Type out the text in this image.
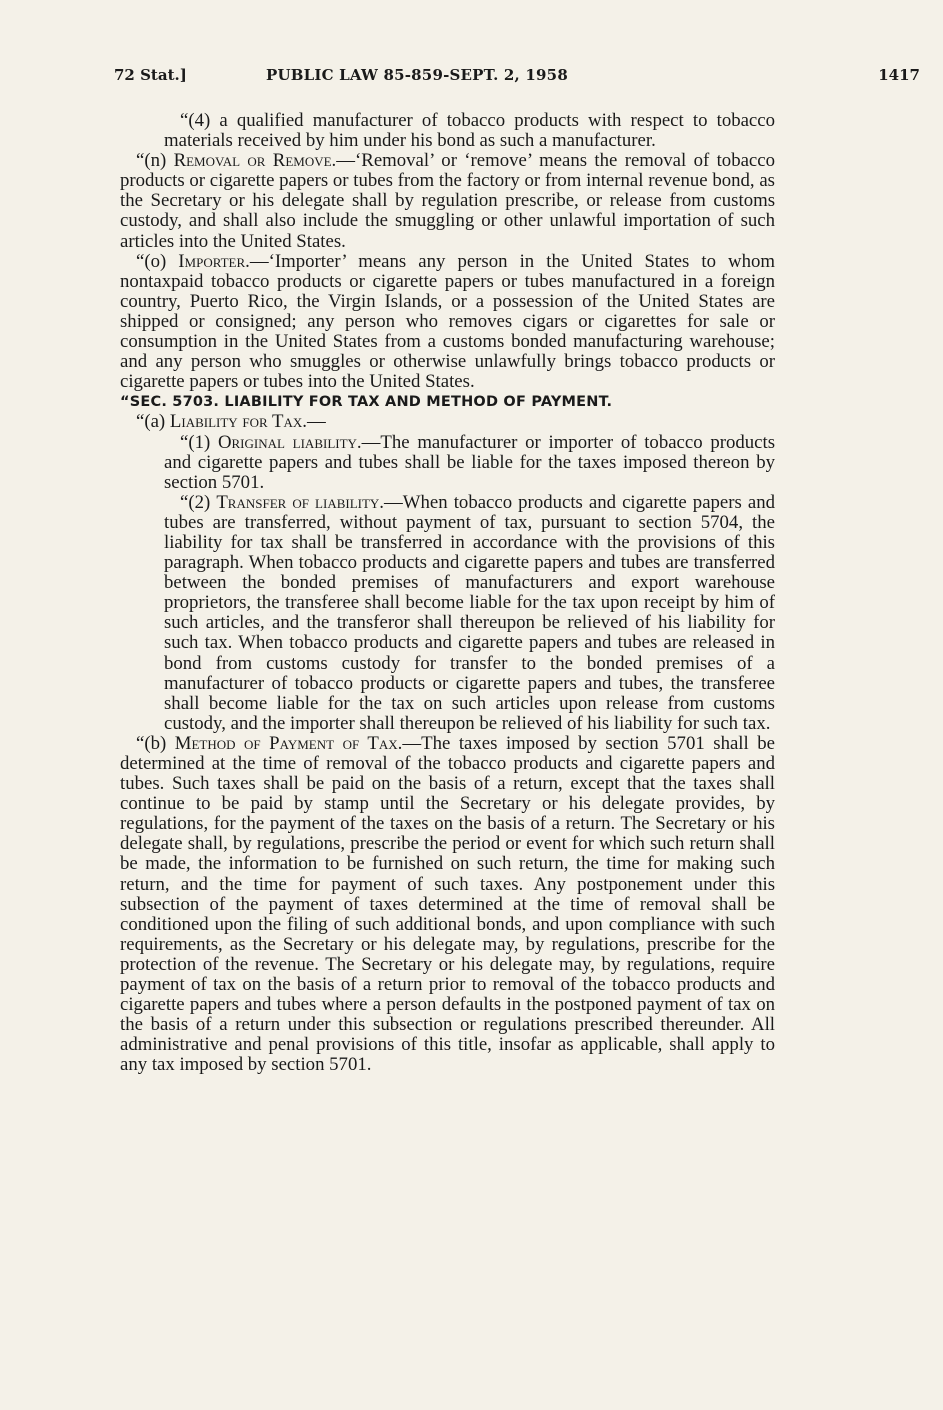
72 Stat.]	PUBLIC LAW 85-859-SEPT. 2, 1958	1417

“(4) a qualified manufacturer of tobacco products with respect to tobacco materials received by him under his bond as such a manufacturer.

“(n) Removal or Remove.—‘Removal’ or ‘remove’ means the removal of tobacco products or cigarette papers or tubes from the factory or from internal revenue bond, as the Secretary or his delegate shall by regulation prescribe, or release from customs custody, and shall also include the smuggling or other unlawful importation of such articles into the United States.

“(o) Importer.—‘Importer’ means any person in the United States to whom nontaxpaid tobacco products or cigarette papers or tubes manufactured in a foreign country, Puerto Rico, the Virgin Islands, or a possession of the United States are shipped or consigned; any person who removes cigars or cigarettes for sale or consumption in the United States from a customs bonded manufacturing warehouse; and any person who smuggles or otherwise unlawfully brings tobacco products or cigarette papers or tubes into the United States.

“SEC. 5703. LIABILITY FOR TAX AND METHOD OF PAYMENT.

“(a) Liability for Tax.—

“(1) Original liability.—The manufacturer or importer of tobacco products and cigarette papers and tubes shall be liable for the taxes imposed thereon by section 5701.

“(2) Transfer of liability.—When tobacco products and cigarette papers and tubes are transferred, without payment of tax, pursuant to section 5704, the liability for tax shall be transferred in accordance with the provisions of this paragraph. When tobacco products and cigarette papers and tubes are transferred between the bonded premises of manufacturers and export warehouse proprietors, the transferee shall become liable for the tax upon receipt by him of such articles, and the transferor shall thereupon be relieved of his liability for such tax. When tobacco products and cigarette papers and tubes are released in bond from customs custody for transfer to the bonded premises of a manufacturer of tobacco products or cigarette papers and tubes, the transferee shall become liable for the tax on such articles upon release from customs custody, and the importer shall thereupon be relieved of his liability for such tax.

“(b) Method of Payment of Tax.—The taxes imposed by section 5701 shall be determined at the time of removal of the tobacco products and cigarette papers and tubes. Such taxes shall be paid on the basis of a return, except that the taxes shall continue to be paid by stamp until the Secretary or his delegate provides, by regulations, for the payment of the taxes on the basis of a return. The Secretary or his delegate shall, by regulations, prescribe the period or event for which such return shall be made, the information to be furnished on such return, the time for making such return, and the time for payment of such taxes. Any postponement under this subsection of the payment of taxes determined at the time of removal shall be conditioned upon the filing of such additional bonds, and upon compliance with such requirements, as the Secretary or his delegate may, by regulations, prescribe for the protection of the revenue. The Secretary or his delegate may, by regulations, require payment of tax on the basis of a return prior to removal of the tobacco products and cigarette papers and tubes where a person defaults in the postponed payment of tax on the basis of a return under this subsection or regulations prescribed thereunder. All administrative and penal provisions of this title, insofar as applicable, shall apply to any tax imposed by section 5701.
